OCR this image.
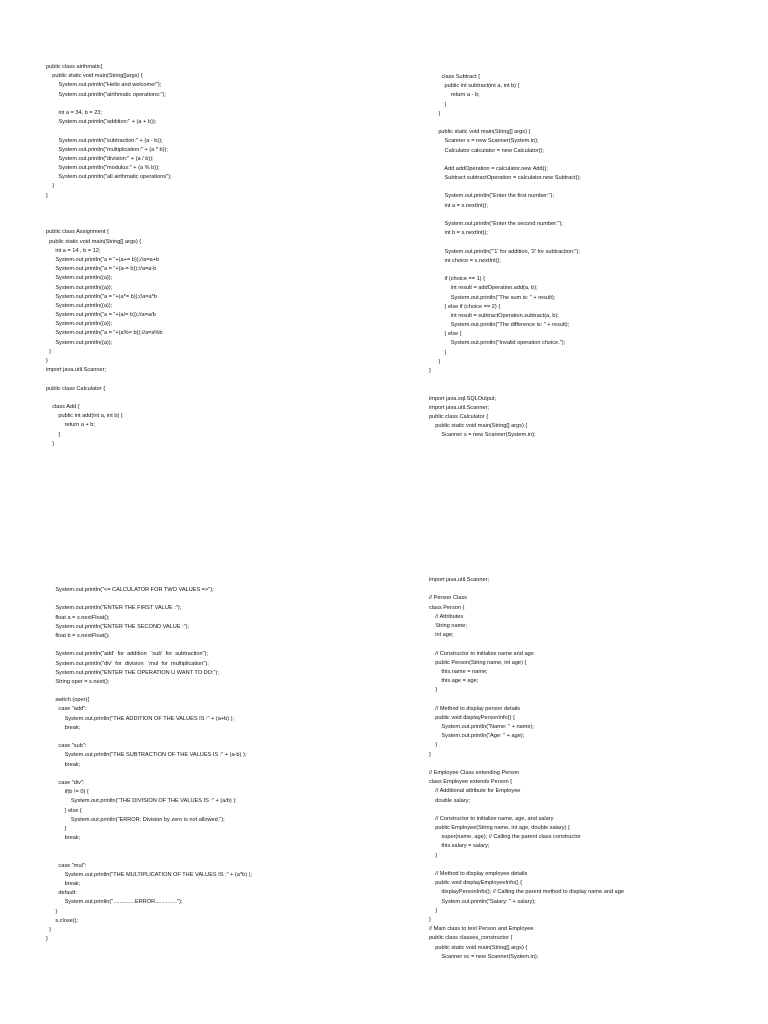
public class airthmatic{
public static void main(String[]args) {
System.out.println("Hello and welcome!");
System.out.println("airthmatic operations:");
int a = 34, b = 23;
System.out.println("addition:" + (a + b));
System.out.println("subtraction:" + (a - b));
System.out.println("multiplication:" + (a * b));
System.out.println("division:" + (a / b));
System.out.println("modulus:" + (a % b));
System.out.println("all airthmatic operations");
}
}
public class Assignment {
public static void main(String[] args) {
int a = 14 , b = 12;
System.out.println("a = "+(a+= b));//a=a+b
System.out.println("a = "+(a-= b));//a=a-b
System.out.println((a));
System.out.println((a));
System.out.println("a = "+(a*= b));//a=a*b
System.out.println((a));
System.out.println("a = "+(a/= b));//a=a/b
System.out.println((a));
System.out.println("a = "+(a%= b));//a=a%b
System.out.println((a));
}
}
import java.util.Scanner;
public class Calculator {
class Add {
public int add(int a, int b) {
return a + b;
}
}
class Subtract {
public int subtract(int a, int b) {
return a - b;
}
}
public static void main(String[] args) {
Scanner s = new Scanner(System.in);
Calculator calculator = new Calculator();
Add addOperation = calculator.new Add();
Subtract subtractOperation = calculator.new Subtract();
System.out.println("Enter the first number:");
int a = s.nextInt();
System.out.println("Enter the second number:");
int b = s.nextInt();
System.out.println("'1' for addition, '2' for subtraction:");
int choice = s.nextInt();
if (choice == 1) {
int result = addOperation.add(a, b);
System.out.println("The sum is: " + result);
} else if (choice == 2) {
int result = subtractOperation.subtract(a, b);
System.out.println("The difference is: " + result);
} else {
System.out.println("Invalid operation choice.");
}
}
}
import java.sql.SQLOutput;
import java.util.Scanner;
public class Calculator {
public static void main(String[] args) {
Scanner s = new Scanner(System.in);
System.out.println("<= CALCULATOR FOR TWO VALUES =>");
System.out.println("ENTER THE FIRST VALUE :");
float a = s.nextFloat();
System.out.println("ENTER THE SECOND VALUE :");
float b = s.nextFloat();
System.out.println("add'  for  addition   'sub'  for  subtraction");
System.out.println("div'  for  division   'mul  for  multiplication");
System.out.println("ENTER THE OPERATION U WANT TO DO:");
String oper = s.next();
switch (oper){
case "add":
System.out.println("THE ADDITION OF THE VALUES IS :" + (a+b) );
break;
case "sub":
System.out.println("THE SUBTRACTION OF THE VALUES IS :" + (a-b) );
break;
case "div":
if(b != 0) {
System.out.println("THE DIVISION OF THE VALUES IS :" + (a/b) );
} else {
System.out.println("ERROR: Division by zero is not allowed.");
}
break;
case "mul":
System.out.println("THE MULTIPLICATION OF THE VALUES IS :" + (a*b) );
break;
default:
System.out.println("..............ERROR..............");
}
s.close();
}
}
import java.util.Scanner;
// Person Class
class Person {
// Attributes
String name;
int age;
// Constructor to initialize name and age
public Person(String name, int age) {
this.name = name;
this.age = age;
}
// Method to display person details
public void displayPersonInfo() {
System.out.println("Name: " + name);
System.out.println("Age: " + age);
}
}
// Employee Class extending Person
class Employee extends Person {
// Additional attribute for Employee
double salary;
// Constructor to initialize name, age, and salary
public Employee(String name, int age, double salary) {
super(name, age); // Calling the parent class constructor
this.salary = salary;
}
// Method to display employee details
public void displayEmployeeInfo() {
displayPersonInfo(); // Calling the parent method to display name and age
System.out.println("Salary: " + salary);
}
}
// Main class to test Person and Employee
public class classes_constructor {
public static void main(String[] args) {
Scanner sc = new Scanner(System.in);
